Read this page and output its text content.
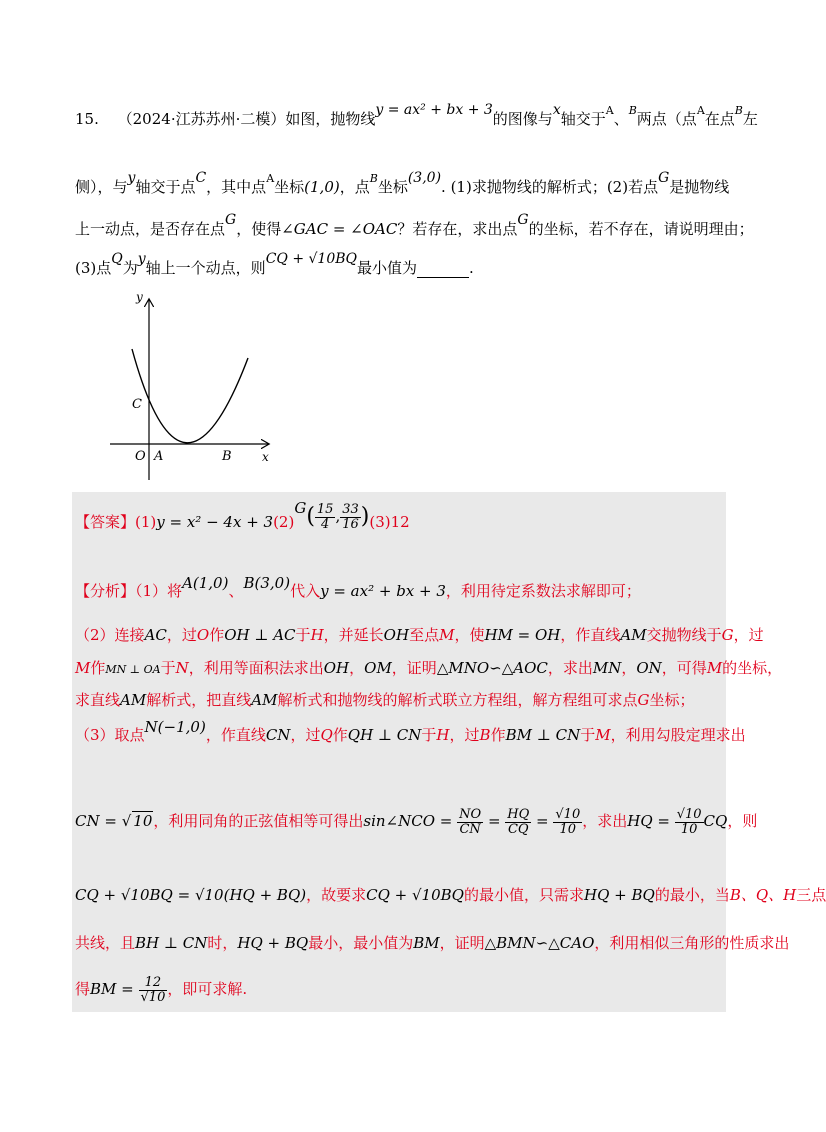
15. （2024·江苏苏州·二模）如图，抛物线y = ax² + bx + 3的图像与x轴交于$^A$、$^B$两点（点$^A$在点$^B$左
侧），与y轴交于点C，其中点$^A$坐标(1,0)，点$^B$坐标(3,0). (1)求抛物线的解析式；(2)若点G是抛物线
上一动点，是否存在点G，使得∠GAC = ∠OAC？若存在，求出点G的坐标，若不存在，请说明理由；
(3)点Q为y轴上一个动点，则CQ + √10BQ最小值为	.
y
x
O A	B
C
【答案】$(1)y = x^2 - 4x + 3(2)G( \frac{15}{4}$ , $\frac{33}{16} )(3)12$
【分析】（1）将A(1,0)、B(3,0)代入y = ax² + bx + 3，利用待定系数法求解即可；
（2）连接AC，过O作OH ⊥ AC于H，并延长OH至点M，使HM = OH，作直线AM交抛物线于G，过
M作MN ⊥ OA于N，利用等面积法求出OH，OM，证明△MNO∽△AOC，求出MN，ON，可得M的坐标，
求直线AM解析式，把直线AM解析式和抛物线的解析式联立方程组，解方程组可求点G坐标；
（3）取点N(−1,0)，作直线CN，过Q作QH ⊥ CN于H，过B作BM ⊥ CN于M，利用勾股定理求出
CN = √ 10，利用同角的正弦值相等可得出sin∠NCO = $\frac{NO}{CN} = \frac{HQ}{CQ} = \frac{√10}{10}$ ，求出HQ = $\frac{√10}{10}$ CQ，则
CQ + √10BQ = √10(HQ + BQ)，故要求CQ + √10BQ的最小值，只需求HQ + BQ的最小，当B、Q、H三点
共线，且BH ⊥ CN时，HQ + BQ最小，最小值为BM，证明△BMN∽△CAO，利用相似三角形的性质求出
得BM = $\frac{12}{√10}$ ，即可求解.
